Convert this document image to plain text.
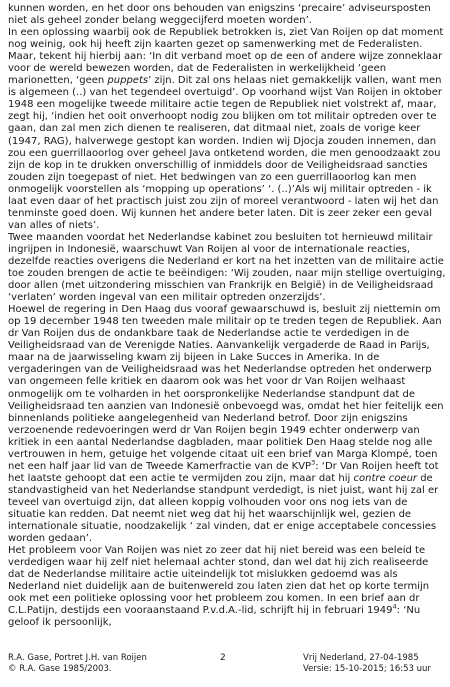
kunnen worden, en het door ons behouden van enigszins ‘precaire’ adviseursposten niet als geheel zonder belang weggecijferd moeten worden’.

In een oplossing waarbij ook de Republiek betrokken is, ziet Van Roijen op dat moment nog weinig, ook hij heeft zijn kaarten gezet op samenwerking met de Federalisten. Maar, tekent hij hierbij aan: ‘In dit verband moet op de een of andere wijze zonneklaar voor de wereld bewezen worden, dat de Federalisten in werkelijkheid ‘geen marionetten, ‘geen puppets’ zijn. Dit zal ons helaas niet gemakkelijk vallen, want men is algemeen (..) van het tegendeel overtuigd’. Op voorhand wijst Van Roijen in oktober 1948 een mogelijke tweede militaire actie tegen de Republiek niet volstrekt af, maar, zegt hij, ‘indien het ooit onverhoopt nodig zou blijken om tot militair optreden over te gaan, dan zal men zich dienen te realiseren, dat ditmaal niet, zoals de vorige keer (1947, RAG), halverwege gestopt kan worden. Indien wij Djocja zouden innemen, dan zou een guerrillaoorlog over geheel Java ontketend worden, die men genoodzaakt zou zijn de kop in te drukken onverschillig of inmiddels door de Veiligheidsraad sancties zouden zijn toegepast of niet. Het bedwingen van zo een guerrillaoorlog kan men onmogelijk voorstellen als ‘mopping up operations’ ‘. (..)’Als wij militair optreden - ik laat even daar of het practisch juist zou zijn of moreel verantwoord - laten wij het dan tenminste goed doen. Wij kunnen het andere beter laten. Dit is zeer zeker een geval van alles of niets’.

Twee maanden voordat het Nederlandse kabinet zou besluiten tot hernieuwd militair ingrijpen in Indonesië, waarschuwt Van Roijen al voor de internationale reacties, dezelfde reacties overigens die Nederland er kort na het inzetten van de militaire actie toe zouden brengen de actie te beëindigen: ‘Wij zouden, naar mijn stellige overtuiging, door allen (met uitzondering misschien van Frankrijk en België) in de Veiligheidsraad ‘verlaten’ worden ingeval van een militair optreden onzerzijds’.

Hoewel de regering in Den Haag dus vooraf gewaarschuwd is, besluit zij niettemin om op 19 december 1948 ten tweeden male militair op te treden tegen de Republiek. Aan dr Van Roijen dus de ondankbare taak de Nederlandse actie te verdedigen in de Veiligheidsraad van de Verenigde Naties. Aanvankelijk vergaderde de Raad in Parijs, maar na de jaarwisseling kwam zij bijeen in Lake Succes in Amerika. In de vergaderingen van de Veiligheidsraad was het Nederlandse optreden het onderwerp van ongemeen felle kritiek en daarom ook was het voor dr Van Roijen welhaast onmogelijk om te volharden in het oorspronkelijke Nederlandse standpunt dat de Veiligheidsraad ten aanzien van Indonesië onbevoegd was, omdat het hier feitelijk een binnenlands politieke aangelegenheid van Nederland betrof. Door zijn enigszins verzoenende redevoeringen werd dr Van Roijen begin 1949 echter onderwerp van kritiek in een aantal Nederlandse dagbladen, maar politiek Den Haag stelde nog alle vertrouwen in hem, getuige het volgende citaat uit een brief van Marga Klompé, toen net een half jaar lid van de Tweede Kamerfractie van de KVP$^3$: ‘Dr Van Roijen heeft tot het laatste gehoopt dat een actie te vermijden zou zijn, maar dat hij contre coeur de standvastigheid van het Nederlandse standpunt verdedigt, is niet juist, want hij zal er teveel van overtuigd zijn, dat alleen koppig volhouden voor ons nog iets van de situatie kan redden. Dat neemt niet weg dat hij het waarschijnlijk wel, gezien de internationale situatie, noodzakelijk ‘ zal vinden, dat er enige acceptabele concessies worden gedaan’.

Het probleem voor Van Roijen was niet zo zeer dat hij niet bereid was een beleid te verdedigen waar hij zelf niet helemaal achter stond, dan wel dat hij zich realiseerde dat de Nederlandse militaire actie uiteindelijk tot mislukken gedoemd was als Nederland niet duidelijk aan de buitenwereld zou laten zien dat het op korte termijn ook met een politieke oplossing voor het probleem zou komen. In een brief aan dr C.L.Patijn, destijds een vooraanstaand P.v.d.A.-lid, schrijft hij in februari 1949$^4$: ‘Nu geloof ik persoonlijk,

R.A. Gase, Portret J.H. van Roijen
© R.A. Gase 1985/2003.
2	Vrij Nederland, 27-04-1985
Versie: 15-10-2015; 16:53 uur
